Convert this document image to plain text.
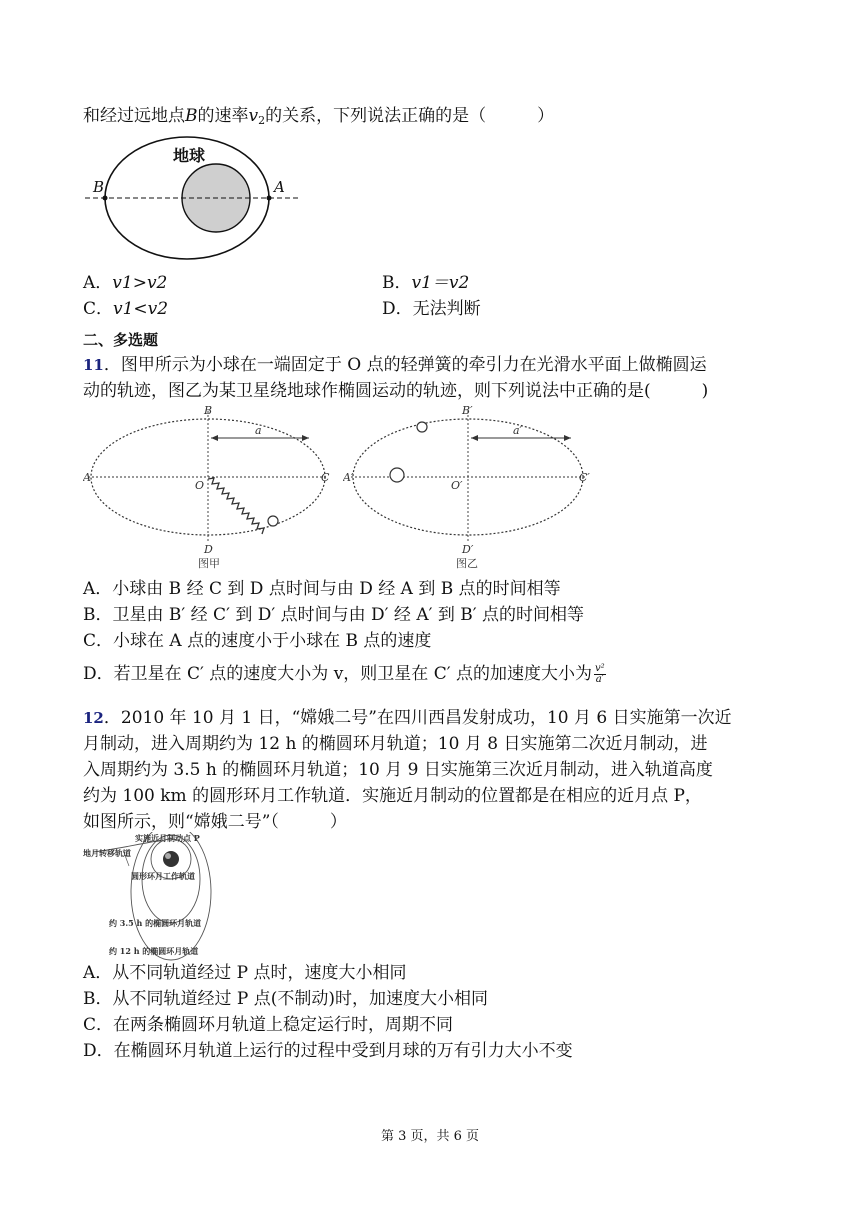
和经过远地点B的速率$v_2$的关系，下列说法正确的是（　　　）
地球
B	A
A．v1>v2	B．v1＝v2
C．v1<v2	D．无法判断
二、多选题
11．图甲所示为小球在一端固定于 O 点的轻弹簧的牵引力在光滑水平面上做椭圆运
动的轨迹，图乙为某卫星绕地球作椭圆运动的轨迹，则下列说法中正确的是(　　　)
B
A	C
O
D
a
图甲
B′
A′	C′
O′
D′
a′
图乙
A．小球由 B 经 C 到 D 点时间与由 D 经 A 到 B 点的时间相等
B．卫星由 B′ 经 C′ 到 D′ 点时间与由 D′ 经 A′ 到 B′ 点的时间相等
C．小球在 A 点的速度小于小球在 B 点的速度
D．若卫星在 C′ 点的速度大小为 v，则卫星在 C′ 点的加速度大小为 $\frac{\text{v²}}{a'}$
12．2010 年 10 月 1 日，“嫦娥二号”在四川西昌发射成功，10 月 6 日实施第一次近
月制动，进入周期约为 12 h 的椭圆环月轨道；10 月 8 日实施第二次近月制动，进
入周期约为 3.5 h 的椭圆环月轨道；10 月 9 日实施第三次近月制动，进入轨道高度
约为 100 km 的圆形环月工作轨道．实施近月制动的位置都是在相应的近月点 P，
如图所示，则“嫦娥二号”（　　　）
实施近月制动点 P
地月转移轨道
圆形环月工作轨道
约 3.5 h 的椭圆环月轨道
约 12 h 的椭圆环月轨道
A．从不同轨道经过 P 点时，速度大小相同
B．从不同轨道经过 P 点(不制动)时，加速度大小相同
C．在两条椭圆环月轨道上稳定运行时，周期不同
D．在椭圆环月轨道上运行的过程中受到月球的万有引力大小不变
第 3 页，共 6 页
